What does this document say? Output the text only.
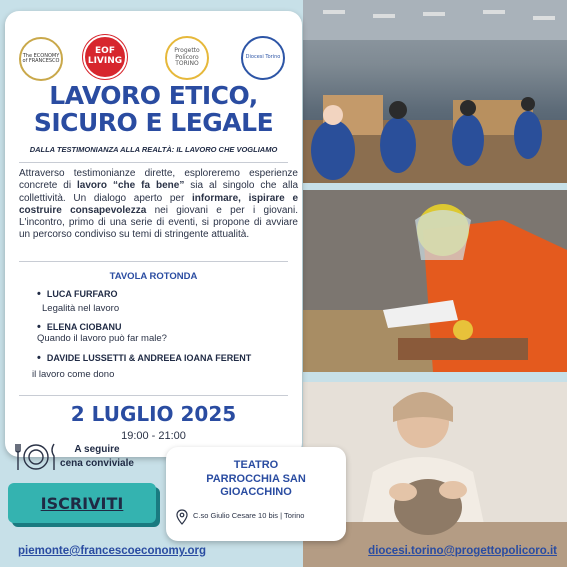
The ECONOMY of FRANCESCO
EOF LIVING
Progetto Policoro TORINO
Diocesi Torino
LAVORO ETICO,
SICURO E LEGALE
DALLA TESTIMONIANZA ALLA REALTÀ: IL LAVORO CHE VOGLIAMO

Attraverso testimonianze dirette, esploreremo esperienze concrete di lavoro “che fa bene” sia al singolo che alla collettività. Un dialogo aperto per informare, ispirare e costruire consapevolezza nei giovani e per i giovani. L'incontro, primo di una serie di eventi, si propone di avviare un percorso condiviso su temi di stringente attualità.

TAVOLA ROTONDA
• LUCA FURFARO
Legalità nel lavoro
• ELENA CIOBANU
Quando il lavoro può far male?
• DAVIDE LUSSETTI & ANDREEA IOANA FERENT
il lavoro come dono
2 LUGLIO 2025
19:00 - 21:00
A seguire
cena conviviale
ISCRIVITI
TEATRO
PARROCCHIA SAN
GIOACCHINO
C.so Giulio Cesare 10 bis | Torino
piemonte@francescoeconomy.org	diocesi.torino@progettopolicoro.it
